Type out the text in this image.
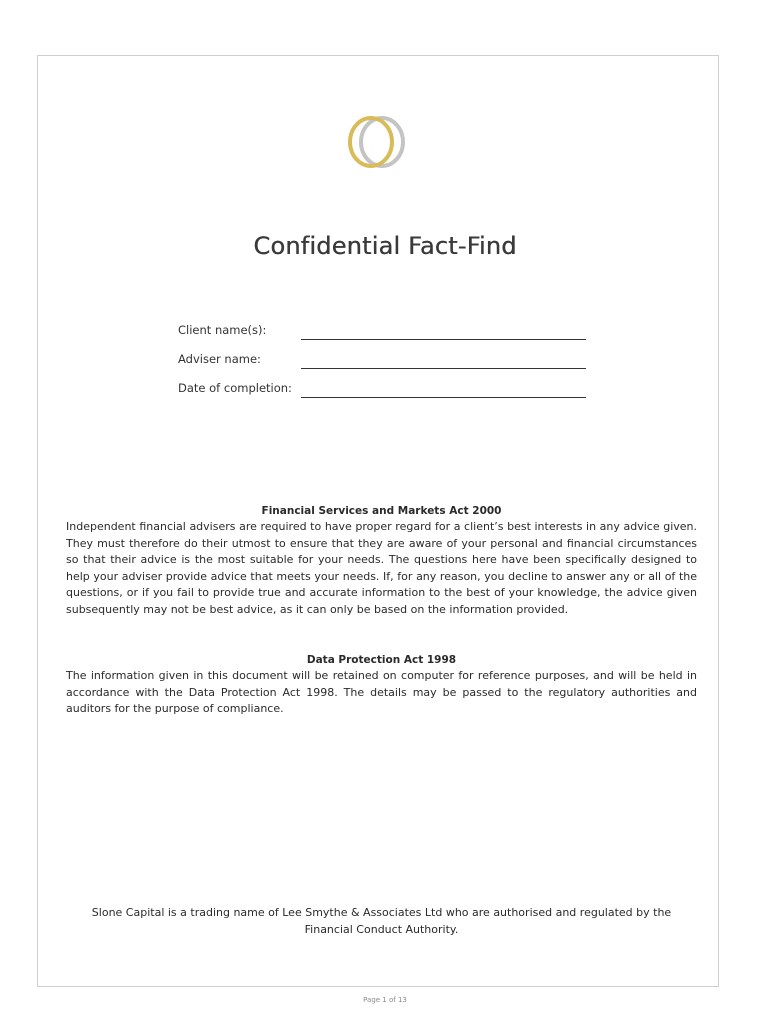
Confidential Fact-Find
Client name(s):
Adviser name:
Date of completion:

Financial Services and Markets Act 2000

Independent financial advisers are required to have proper regard for a client’s best interests in any advice given. They must therefore do their utmost to ensure that they are aware of your personal and financial circumstances so that their advice is the most suitable for your needs. The questions here have been specifically designed to help your adviser provide advice that meets your needs. If, for any reason, you decline to answer any or all of the questions, or if you fail to provide true and accurate information to the best of your knowledge, the advice given subsequently may not be best advice, as it can only be based on the information provided.

Data Protection Act 1998

The information given in this document will be retained on computer for reference purposes, and will be held in accordance with the Data Protection Act 1998. The details may be passed to the regulatory authorities and auditors for the purpose of compliance.

Slone Capital is a trading name of Lee Smythe & Associates Ltd who are authorised and regulated by the
Financial Conduct Authority.
Page 1 of 13
